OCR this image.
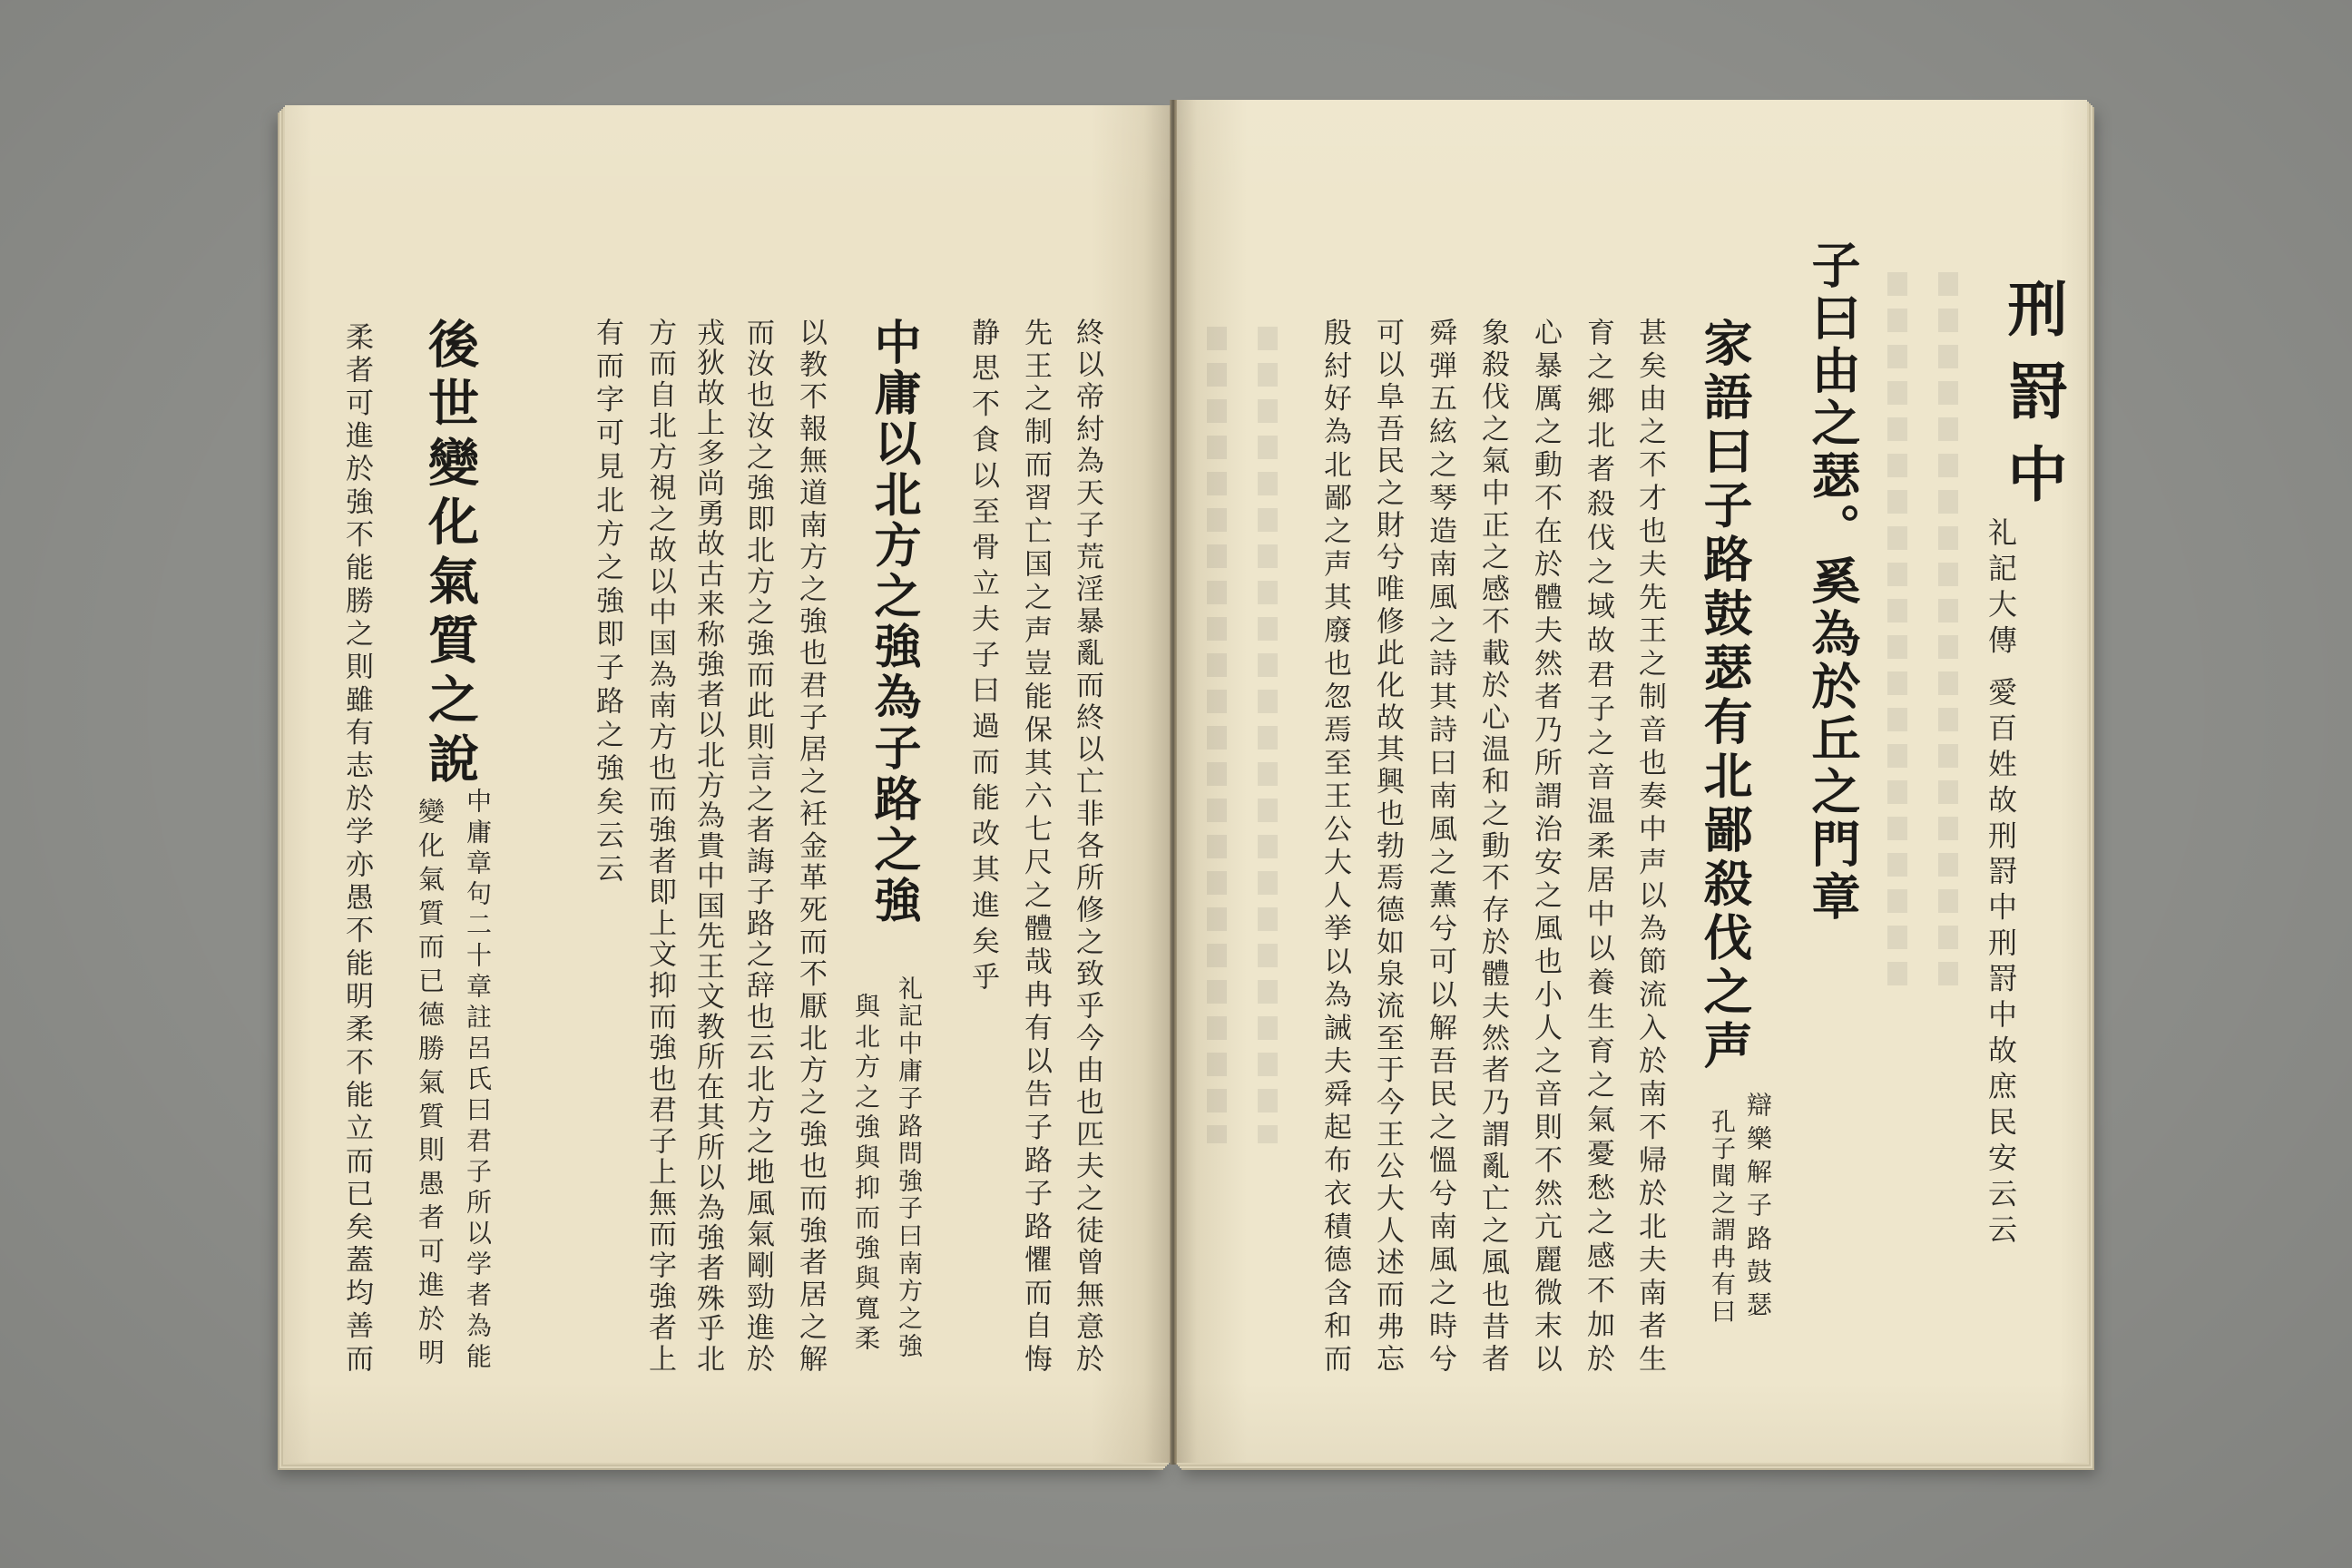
刑罸中
礼記大傳 愛百姓故刑罸中刑罸中故庶民安云云
子曰由之瑟。奚為於丘之門章
家語曰子路鼓瑟有北鄙殺伐之声
辯樂解子路鼓瑟
孔子聞之謂冉有曰
甚矣由之不才也夫先王之制音也奏中声以為節流入於南不帰於北夫南者生
育之郷北者殺伐之域故君子之音温柔居中以養生育之氣憂愁之感不加於
心暴厲之動不在於體夫然者乃所謂治安之風也小人之音則不然亢麗微末以
象殺伐之氣中正之感不載於心温和之動不存於體夫然者乃謂亂亡之風也昔者
舜弾五絃之琴造南風之詩其詩曰南風之薫兮可以解吾民之慍兮南風之時兮
可以阜吾民之財兮唯修此化故其興也勃焉德如泉流至于今王公大人述而弗忘
殷紂好為北鄙之声其廢也忽焉至王公大人挙以為誡夫舜起布衣積德含和而
終以帝紂為天子荒淫暴亂而終以亡非各所修之致乎今由也匹夫之徒曾無意於
先王之制而習亡国之声豈能保其六七尺之體哉冉有以告子路子路懼而自悔
静思不食以至骨立夫子曰過而能改其進矣乎
中庸以北方之強為子路之強
礼記中庸子路問強子曰南方之強
與北方之強與抑而強與寬柔
以教不報無道南方之強也君子居之衽金革死而不厭北方之強也而強者居之解
而汝也汝之強即北方之強而此則言之者誨子路之辞也云北方之地風氣剛勁進於
戎狄故上多尚勇故古来称強者以北方為貴中国先王文教所在其所以為強者殊乎北
方而自北方視之故以中国為南方也而強者即上文抑而強也君子上無而字強者上
有而字可見北方之強即子路之強矣云云
後世變化氣質之說
中庸章句二十章註呂氏曰君子所以学者為能
變化氣質而已德勝氣質則愚者可進於明
柔者可進於強不能勝之則雖有志於学亦愚不能明柔不能立而已矣蓋均善而
